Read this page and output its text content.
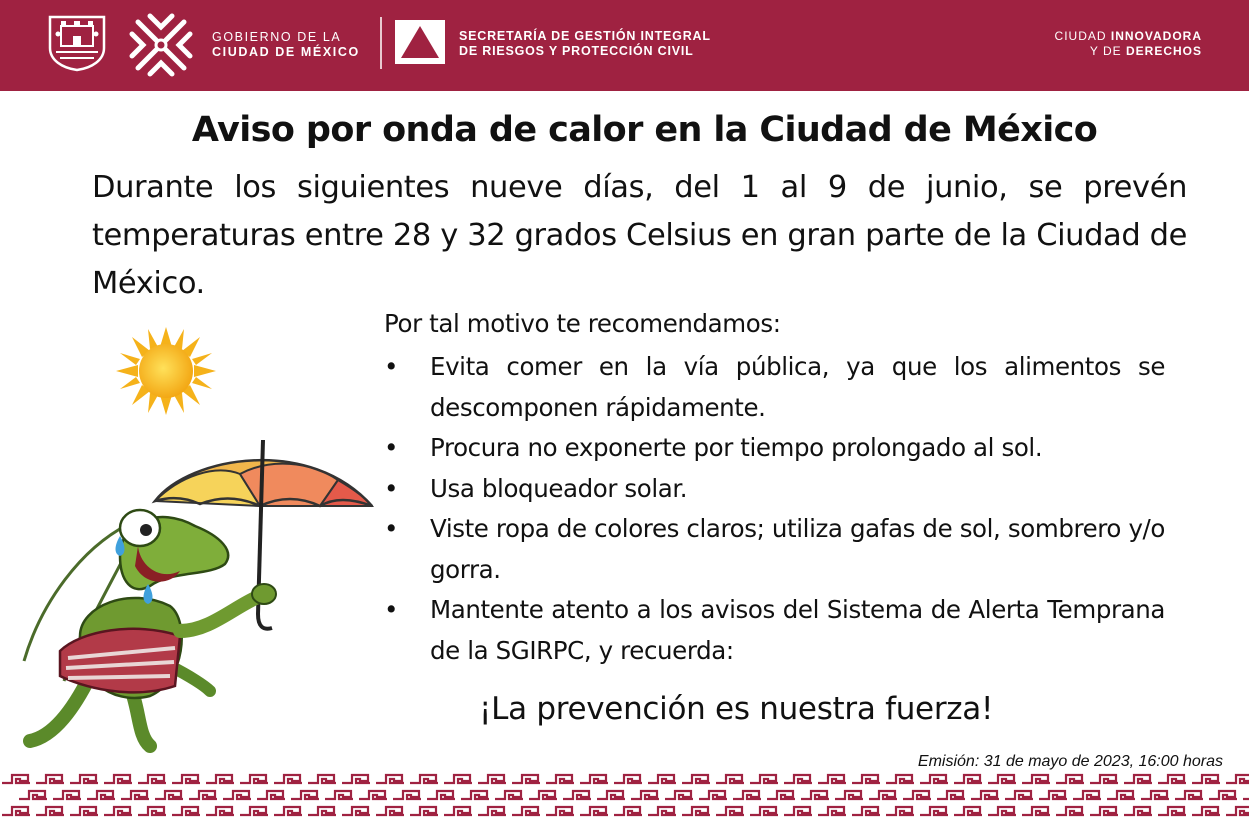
GOBIERNO DE LA
CIUDAD DE MÉXICO
SECRETARÍA DE GESTIÓN INTEGRAL
DE RIESGOS Y PROTECCIÓN CIVIL
CIUDAD INNOVADORA
Y DE DERECHOS
Aviso por onda de calor en la Ciudad de México
Durante los siguientes nueve días, del 1 al 9 de junio, se prevén temperaturas entre 28 y 32 grados Celsius en gran parte de la Ciudad de México.
Por tal motivo te recomendamos:
• Evita comer en la vía pública, ya que los alimentos se descomponen rápidamente.
• Procura no exponerte por tiempo prolongado al sol.
• Usa bloqueador solar.
• Viste ropa de colores claros; utiliza gafas de sol, sombrero y/o gorra.
• Mantente atento a los avisos del Sistema de Alerta Temprana de la SGIRPC, y recuerda:
¡La prevención es nuestra fuerza!
Emisión: 31 de mayo de 2023, 16:00 horas
